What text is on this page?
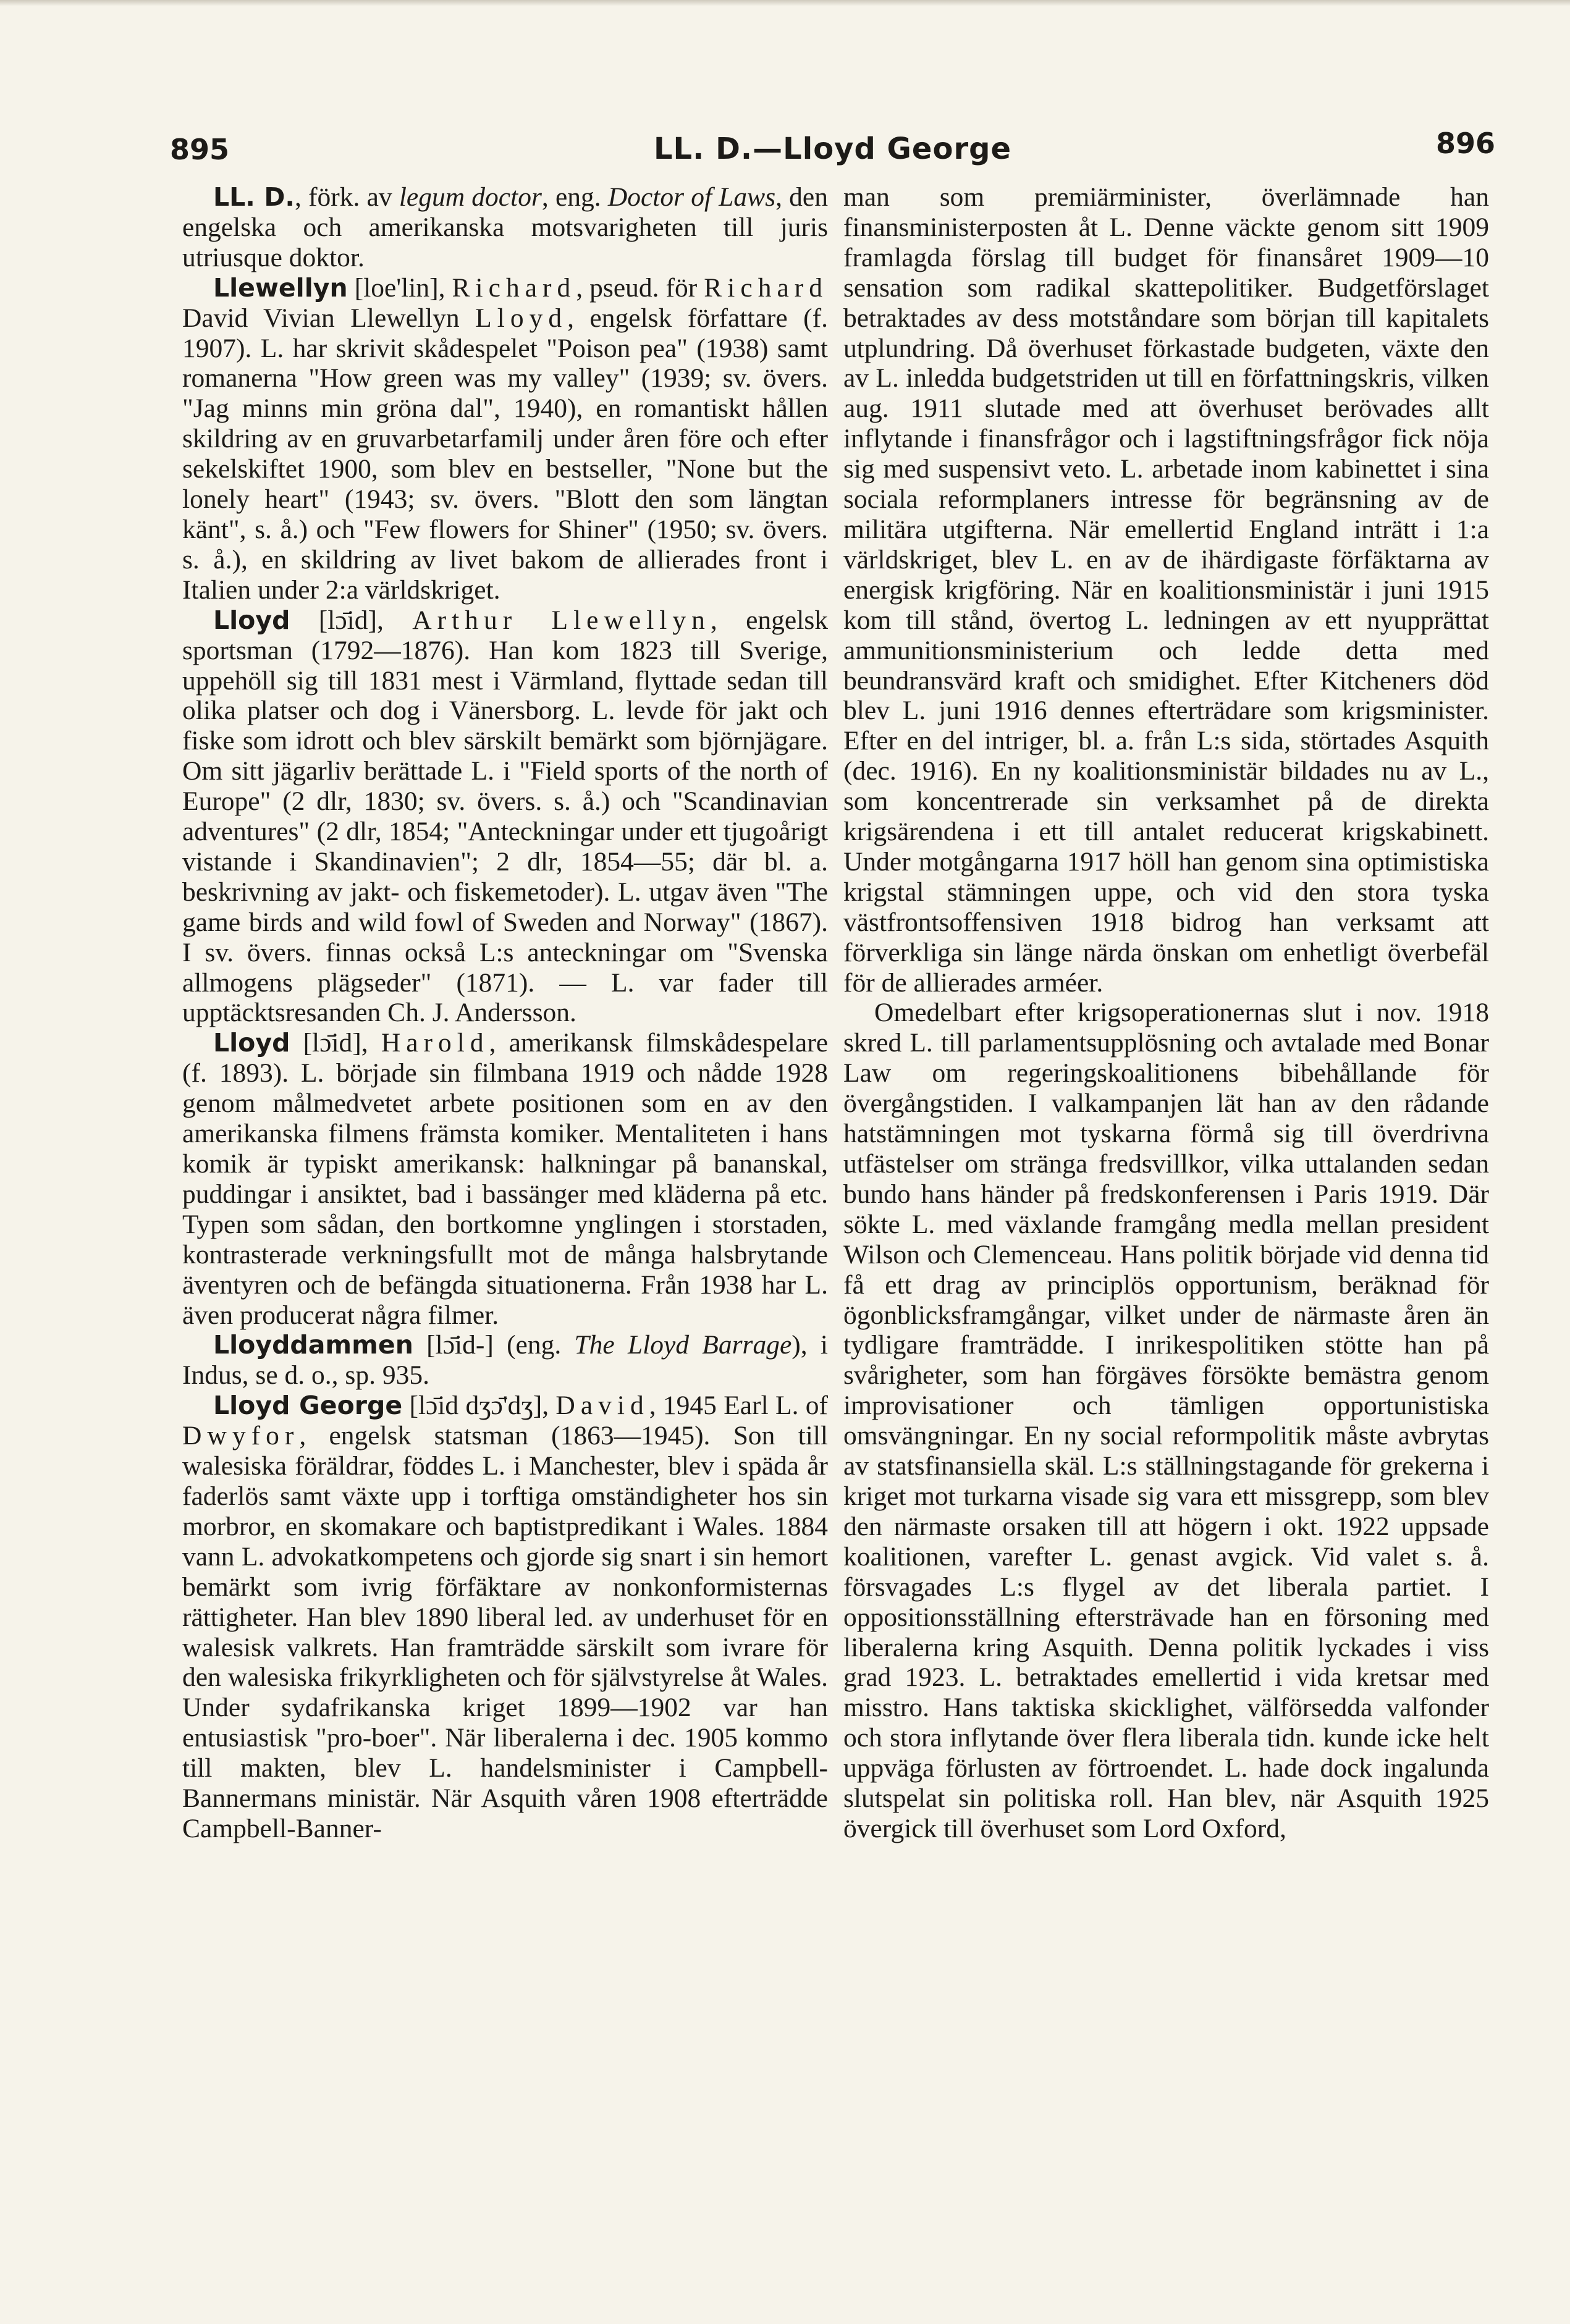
895	LL. D.—Lloyd George	896

LL. D., förk. av legum doctor, eng. Doctor of Laws, den engelska och amerikanska motsvarigheten till juris utriusque doktor.

Llewellyn [loe'lin], Richard, pseud. för Richard David Vivian Llewellyn Lloyd, engelsk författare (f. 1907). L. har skrivit skådespelet "Poison pea" (1938) samt romanerna "How green was my valley" (1939; sv. övers. "Jag minns min gröna dal", 1940), en romantiskt hållen skildring av en gruvarbetarfamilj under åren före och efter sekelskiftet 1900, som blev en bestseller, "None but the lonely heart" (1943; sv. övers. "Blott den som längtan känt", s. å.) och "Few flowers for Shiner" (1950; sv. övers. s. å.), en skildring av livet bakom de allierades front i Italien under 2:a världskriget.

Lloyd [lɔ̄id], Arthur Llewellyn, engelsk sportsman (1792—1876). Han kom 1823 till Sverige, uppehöll sig till 1831 mest i Värmland, flyttade sedan till olika platser och dog i Vänersborg. L. levde för jakt och fiske som idrott och blev särskilt bemärkt som björnjägare. Om sitt jägarliv berättade L. i "Field sports of the north of Europe" (2 dlr, 1830; sv. övers. s. å.) och "Scandinavian adventures" (2 dlr, 1854; "Anteckningar under ett tjugoårigt vistande i Skandinavien"; 2 dlr, 1854—55; där bl. a. beskrivning av jakt- och fiskemetoder). L. utgav även "The game birds and wild fowl of Sweden and Norway" (1867). I sv. övers. finnas också L:s anteckningar om "Svenska allmogens plägseder" (1871). — L. var fader till upptäcktsresanden Ch. J. Andersson.

Lloyd [lɔ̄id], Harold, amerikansk filmskådespelare (f. 1893). L. började sin filmbana 1919 och nådde 1928 genom målmedvetet arbete positionen som en av den amerikanska filmens främsta komiker. Mentaliteten i hans komik är typiskt amerikansk: halkningar på bananskal, puddingar i ansiktet, bad i bassänger med kläderna på etc. Typen som sådan, den bortkomne ynglingen i storstaden, kontrasterade verkningsfullt mot de många halsbrytande äventyren och de befängda situationerna. Från 1938 har L. även producerat några filmer.

Lloyddammen [lɔ̄id-] (eng. The Lloyd Barrage), i Indus, se d. o., sp. 935.

Lloyd George [lɔ̄id dʒɔ̄'dʒ], David, 1945 Earl L. of Dwyfor, engelsk statsman (1863—1945). Son till walesiska föräldrar, föddes L. i Manchester, blev i späda år faderlös samt växte upp i torftiga omständigheter hos sin morbror, en skomakare och baptistpredikant i Wales. 1884 vann L. advokatkompetens och gjorde sig snart i sin hemort bemärkt som ivrig förfäktare av nonkonformisternas rättigheter. Han blev 1890 liberal led. av underhuset för en walesisk valkrets. Han framträdde särskilt som ivrare för den walesiska frikyrkligheten och för självstyrelse åt Wales. Under sydafrikanska kriget 1899—1902 var han entusiastisk "pro-boer". När liberalerna i dec. 1905 kommo till makten, blev L. handelsminister i Campbell-Bannermans ministär. När Asquith våren 1908 efterträdde Campbell-Banner-

man som premiärminister, överlämnade han finansministerposten åt L. Denne väckte genom sitt 1909 framlagda förslag till budget för finansåret 1909—10 sensation som radikal skattepolitiker. Budgetförslaget betraktades av dess motståndare som början till kapitalets utplundring. Då överhuset förkastade budgeten, växte den av L. inledda budgetstriden ut till en författningskris, vilken aug. 1911 slutade med att överhuset berövades allt inflytande i finansfrågor och i lagstiftningsfrågor fick nöja sig med suspensivt veto. L. arbetade inom kabinettet i sina sociala reformplaners intresse för begränsning av de militära utgifterna. När emellertid England inträtt i 1:a världskriget, blev L. en av de ihärdigaste förfäktarna av energisk krigföring. När en koalitionsministär i juni 1915 kom till stånd, övertog L. ledningen av ett nyupprättat ammunitionsministerium och ledde detta med beundransvärd kraft och smidighet. Efter Kitcheners död blev L. juni 1916 dennes efterträdare som krigsminister. Efter en del intriger, bl. a. från L:s sida, störtades Asquith (dec. 1916). En ny koalitionsministär bildades nu av L., som koncentrerade sin verksamhet på de direkta krigsärendena i ett till antalet reducerat krigskabinett. Under motgångarna 1917 höll han genom sina optimistiska krigstal stämningen uppe, och vid den stora tyska västfrontsoffensiven 1918 bidrog han verksamt att förverkliga sin länge närda önskan om enhetligt överbefäl för de allierades arméer.

Omedelbart efter krigsoperationernas slut i nov. 1918 skred L. till parlamentsupplösning och avtalade med Bonar Law om regeringskoalitionens bibehållande för övergångstiden. I valkampanjen lät han av den rådande hatstämningen mot tyskarna förmå sig till överdrivna utfästelser om stränga fredsvillkor, vilka uttalanden sedan bundo hans händer på fredskonferensen i Paris 1919. Där sökte L. med växlande framgång medla mellan president Wilson och Clemenceau. Hans politik började vid denna tid få ett drag av principlös opportunism, beräknad för ögonblicksframgångar, vilket under de närmaste åren än tydligare framträdde. I inrikespolitiken stötte han på svårigheter, som han förgäves försökte bemästra genom improvisationer och tämligen opportunistiska omsvängningar. En ny social reformpolitik måste avbrytas av statsfinansiella skäl. L:s ställningstagande för grekerna i kriget mot turkarna visade sig vara ett missgrepp, som blev den närmaste orsaken till att högern i okt. 1922 uppsade koalitionen, varefter L. genast avgick. Vid valet s. å. försvagades L:s flygel av det liberala partiet. I oppositionsställning eftersträvade han en försoning med liberalerna kring Asquith. Denna politik lyckades i viss grad 1923. L. betraktades emellertid i vida kretsar med misstro. Hans taktiska skicklighet, välförsedda valfonder och stora inflytande över flera liberala tidn. kunde icke helt uppväga förlusten av förtroendet. L. hade dock ingalunda slutspelat sin politiska roll. Han blev, när Asquith 1925 övergick till överhuset som Lord Oxford,
